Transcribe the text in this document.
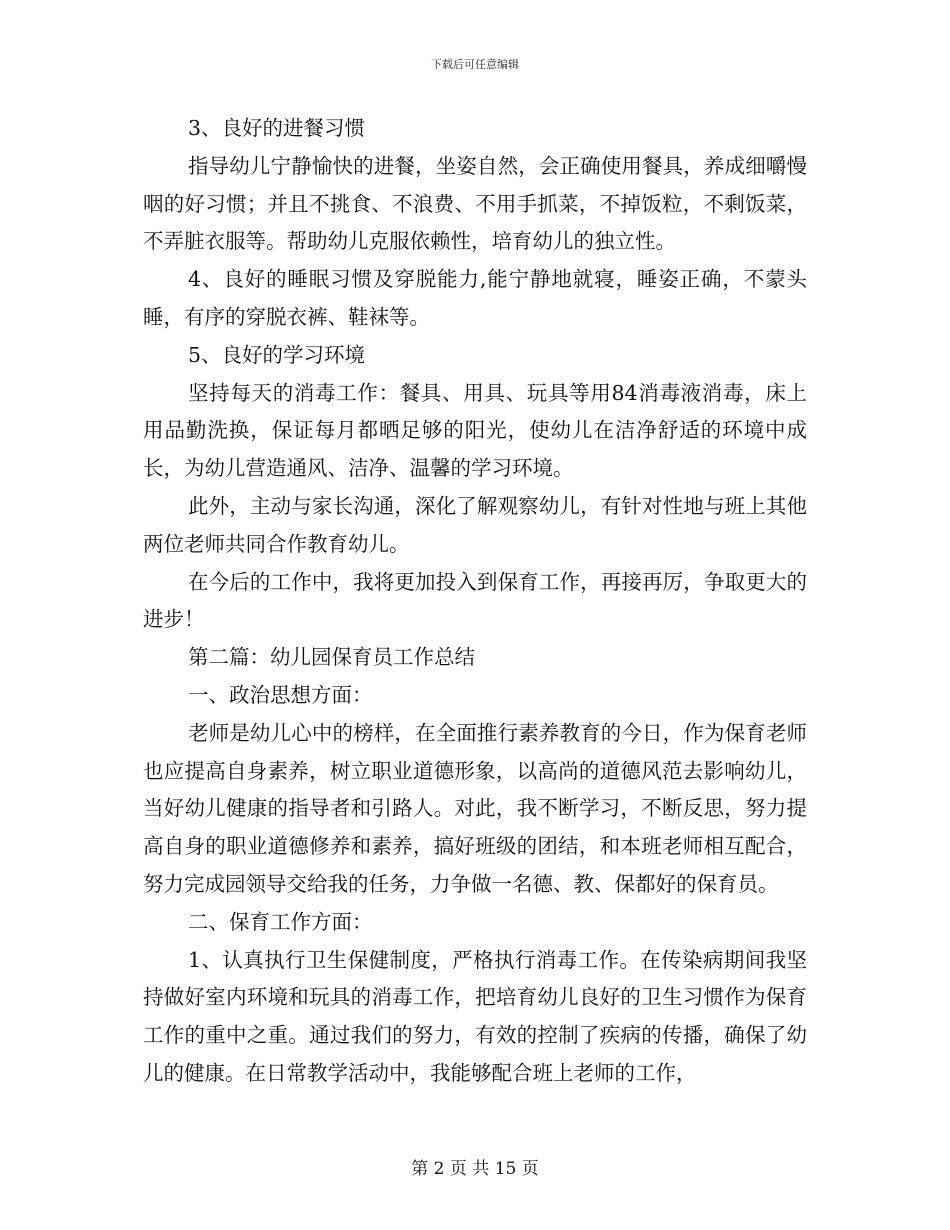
下载后可任意编辑

3、良好的进餐习惯

指导幼儿宁静愉快的进餐，坐姿自然，会正确使用餐具，养成细嚼慢咽的好习惯；并且不挑食、不浪费、不用手抓菜，不掉饭粒，不剩饭菜，不弄脏衣服等。帮助幼儿克服依赖性，培育幼儿的独立性。

4、良好的睡眠习惯及穿脱能力,能宁静地就寝，睡姿正确，不蒙头睡，有序的穿脱衣裤、鞋袜等。

5、良好的学习环境

坚持每天的消毒工作：餐具、用具、玩具等用84消毒液消毒，床上用品勤洗换，保证每月都晒足够的阳光，使幼儿在洁净舒适的环境中成长，为幼儿营造通风、洁净、温馨的学习环境。

此外，主动与家长沟通，深化了解观察幼儿，有针对性地与班上其他两位老师共同合作教育幼儿。

在今后的工作中，我将更加投入到保育工作，再接再厉，争取更大的进步！

第二篇：幼儿园保育员工作总结

一、政治思想方面：

老师是幼儿心中的榜样，在全面推行素养教育的今日，作为保育老师也应提高自身素养，树立职业道德形象，以高尚的道德风范去影响幼儿，当好幼儿健康的指导者和引路人。对此，我不断学习，不断反思，努力提高自身的职业道德修养和素养，搞好班级的团结，和本班老师相互配合，努力完成园领导交给我的任务，力争做一名德、教、保都好的保育员。

二、保育工作方面：

1、认真执行卫生保健制度，严格执行消毒工作。在传染病期间我坚持做好室内环境和玩具的消毒工作，把培育幼儿良好的卫生习惯作为保育工作的重中之重。通过我们的努力，有效的控制了疾病的传播，确保了幼儿的健康。在日常教学活动中，我能够配合班上老师的工作，

第 2 页 共 15 页
